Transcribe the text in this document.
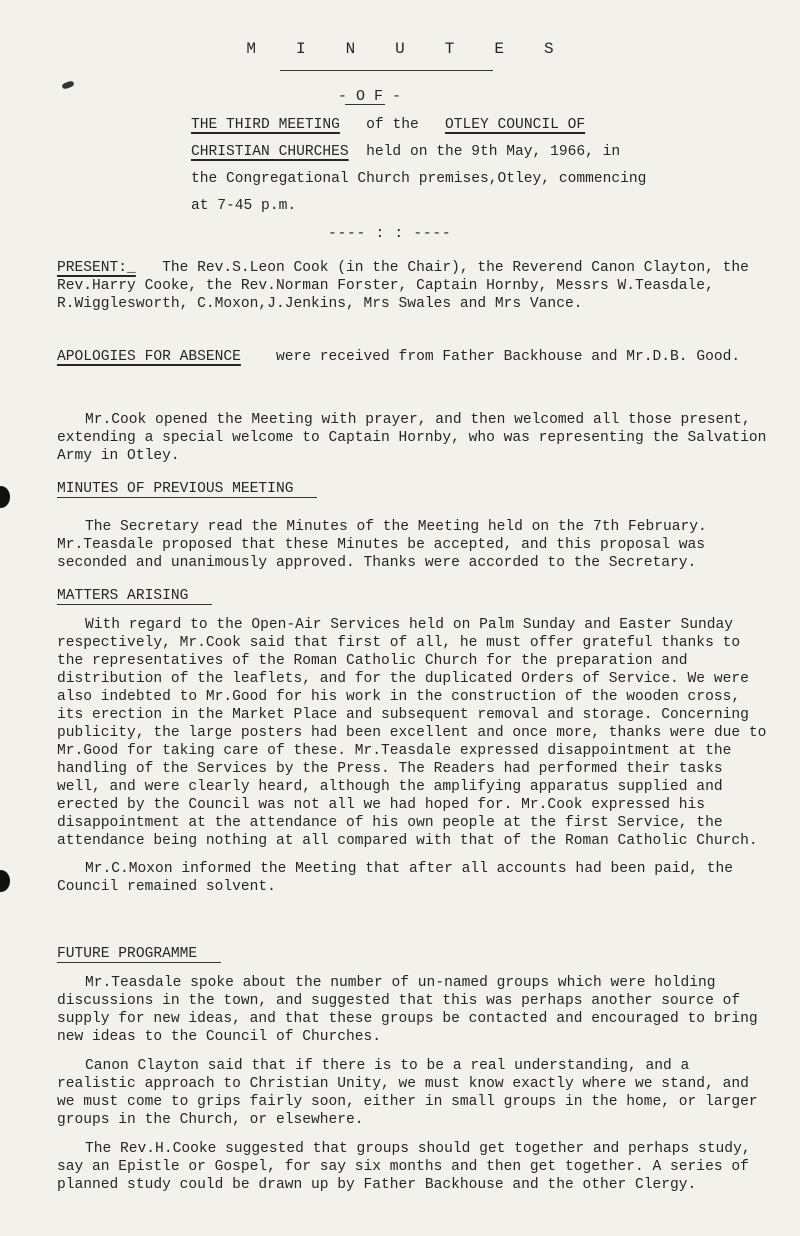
M I N U T E S
- O F -
THE THIRD MEETING of the OTLEY COUNCIL OF
CHRISTIAN CHURCHES held on the 9th May, 1966, in
the Congregational Church premises,Otley, commencing
at 7-45 p.m.
---- : : ----

PRESENT:_ The Rev.S.Leon Cook (in the Chair), the Reverend Canon Clayton, the Rev.Harry Cooke, the Rev.Norman Forster, Captain Hornby, Messrs W.Teasdale, R.Wigglesworth, C.Moxon,J.Jenkins, Mrs Swales and Mrs Vance.

APOLOGIES FOR ABSENCE were received from Father Backhouse and Mr.D.B. Good.

Mr.Cook opened the Meeting with prayer, and then welcomed all those present, extending a special welcome to Captain Hornby, who was representing the Salvation Army in Otley.

MINUTES OF PREVIOUS MEETING

The Secretary read the Minutes of the Meeting held on the 7th February. Mr.Teasdale proposed that these Minutes be accepted, and this proposal was seconded and unanimously approved. Thanks were accorded to the Secretary.

MATTERS ARISING

With regard to the Open-Air Services held on Palm Sunday and Easter Sunday respectively, Mr.Cook said that first of all, he must offer grateful thanks to the representatives of the Roman Catholic Church for the preparation and distribution of the leaflets, and for the duplicated Orders of Service. We were also indebted to Mr.Good for his work in the construction of the wooden cross, its erection in the Market Place and subsequent removal and storage. Concerning publicity, the large posters had been excellent and once more, thanks were due to Mr.Good for taking care of these. Mr.Teasdale expressed disappointment at the handling of the Services by the Press. The Readers had performed their tasks well, and were clearly heard, although the amplifying apparatus supplied and erected by the Council was not all we had hoped for. Mr.Cook expressed his disappointment at the attendance of his own people at the first Service, the attendance being nothing at all compared with that of the Roman Catholic Church.

Mr.C.Moxon informed the Meeting that after all accounts had been paid, the Council remained solvent.

FUTURE PROGRAMME

Mr.Teasdale spoke about the number of un-named groups which were holding discussions in the town, and suggested that this was perhaps another source of supply for new ideas, and that these groups be contacted and encouraged to bring new ideas to the Council of Churches.

Canon Clayton said that if there is to be a real understanding, and a realistic approach to Christian Unity, we must know exactly where we stand, and we must come to grips fairly soon, either in small groups in the home, or larger groups in the Church, or elsewhere.

The Rev.H.Cooke suggested that groups should get together and perhaps study, say an Epistle or Gospel, for say six months and then get together. A series of planned study could be drawn up by Father Backhouse and the other Clergy.
